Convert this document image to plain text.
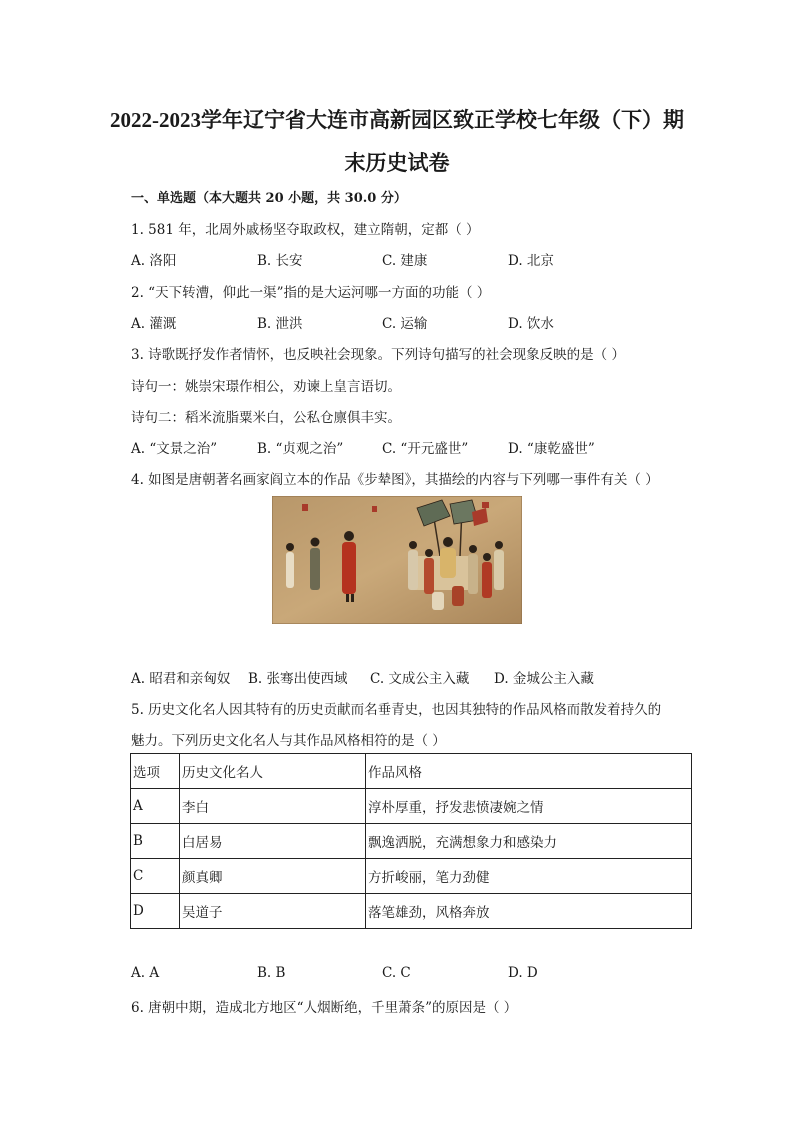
2022-2023学年辽宁省大连市高新园区致正学校七年级（下）期
末历史试卷
一、单选题（本大题共 20 小题，共 30.0 分）
1. 581 年，北周外戚杨坚夺取政权，建立隋朝，定都（ ）
A. 洛阳	B. 长安	C. 建康	D. 北京
2. “天下转漕，仰此一渠”指的是大运河哪一方面的功能（ ）
A. 灌溉	B. 泄洪	C. 运输	D. 饮水
3. 诗歌既抒发作者情怀，也反映社会现象。下列诗句描写的社会现象反映的是（ ）
诗句一：姚崇宋璟作相公，劝谏上皇言语切。
诗句二：稻米流脂粟米白，公私仓廪俱丰实。
A. “文景之治”	B. “贞观之治”	C. “开元盛世”	D. “康乾盛世”
4. 如图是唐朝著名画家阎立本的作品《步辇图》，其描绘的内容与下列哪一事件有关（ ）
A. 昭君和亲匈奴 B. 张骞出使西域 C. 文成公主入藏 D. 金城公主入藏
5. 历史文化名人因其特有的历史贡献而名垂青史，也因其独特的作品风格而散发着持久的
魅力。下列历史文化名人与其作品风格相符的是（ ）
选项	历史文化名人	作品风格
A	李白	淳朴厚重，抒发悲愤凄婉之情
B	白居易	飘逸洒脱，充满想象力和感染力
C	颜真卿	方折峻丽，笔力劲健
D	吴道子	落笔雄劲，风格奔放
A. A	B. B	C. C	D. D
6. 唐朝中期，造成北方地区“人烟断绝，千里萧条”的原因是（ ）
